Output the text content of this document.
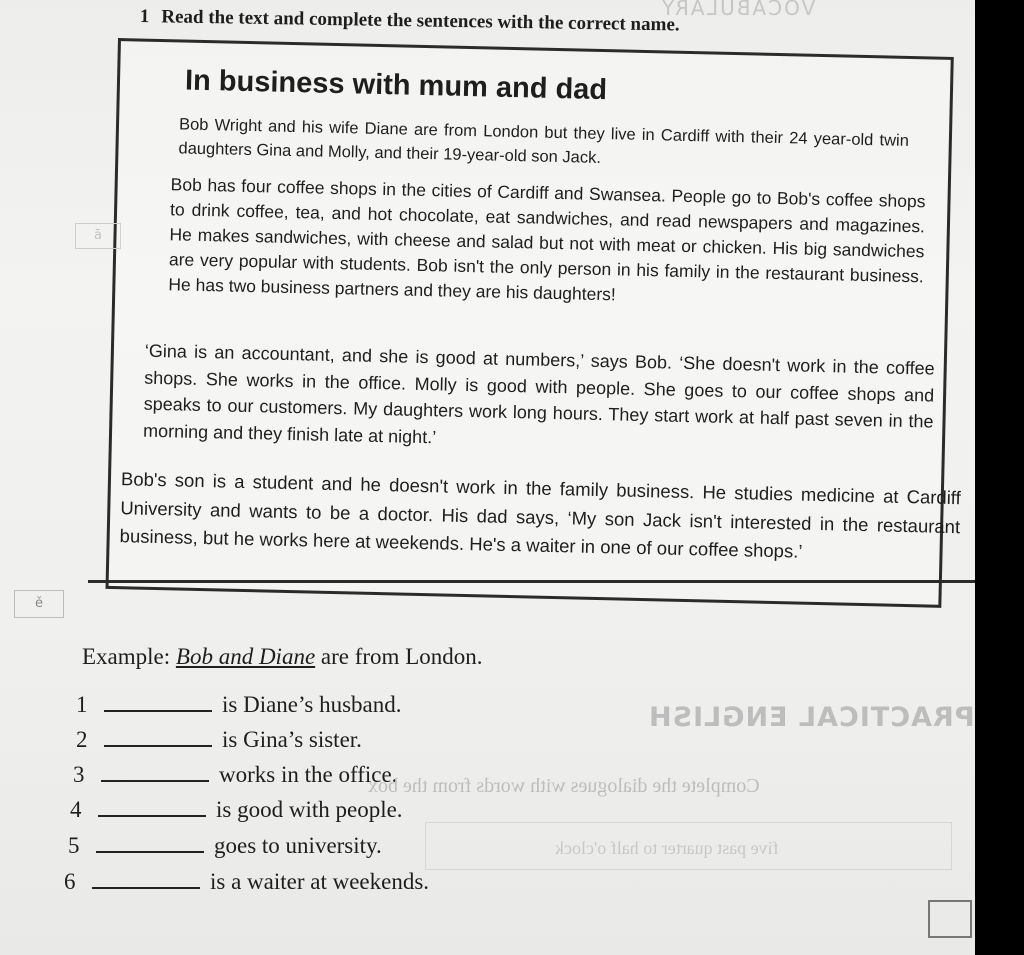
VOCABULARY
1 Read the text and complete the sentences with the correct name.
In business with mum and dad

Bob Wright and his wife Diane are from London but they live in Cardiff with their 24 year-old twin daughters Gina and Molly, and their 19-year-old son Jack.

Bob has four coffee shops in the cities of Cardiff and Swansea. People go to Bob's coffee shops to drink coffee, tea, and hot chocolate, eat sandwiches, and read newspapers and magazines. He makes sandwiches, with cheese and salad but not with meat or chicken. His big sandwiches are very popular with students. Bob isn't the only person in his family in the restaurant business. He has two business partners and they are his daughters!

‘Gina is an accountant, and she is good at numbers,’ says Bob. ‘She doesn't work in the coffee shops. She works in the office. Molly is good with people. She goes to our coffee shops and speaks to our customers. My daughters work long hours. They start work at half past seven in the morning and they finish late at night.’

Bob's son is a student and he doesn't work in the family business. He studies medicine at Cardiff University and wants to be a doctor. His dad says, ‘My son Jack isn't interested in the restaurant business, but he works here at weekends. He's a waiter in one of our coffee shops.’

ā
ě
Example: Bob and Diane are from London.
1	is Diane’s husband.
2	is Gina’s sister.
3	works in the office.
4	is good with people.
5	goes to university.
6	is a waiter at weekends.
PRACTICAL ENGLISH
Complete the dialogues with words from the box
five past quarter to half o'clock
